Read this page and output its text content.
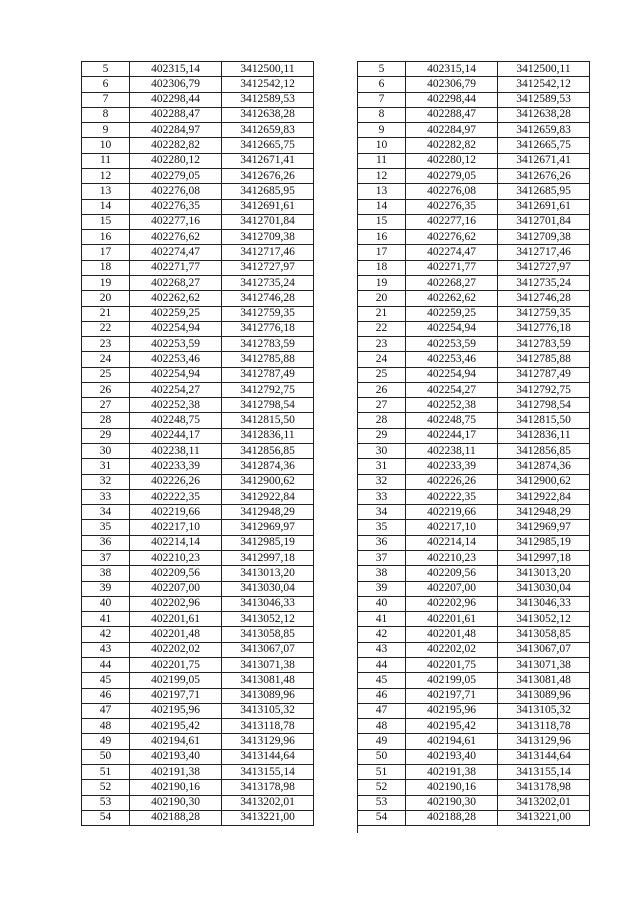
5	402315,14	3412500,11
6	402306,79	3412542,12
7	402298,44	3412589,53
8	402288,47	3412638,28
9	402284,97	3412659,83
10	402282,82	3412665,75
11	402280,12	3412671,41
12	402279,05	3412676,26
13	402276,08	3412685,95
14	402276,35	3412691,61
15	402277,16	3412701,84
16	402276,62	3412709,38
17	402274,47	3412717,46
18	402271,77	3412727,97
19	402268,27	3412735,24
20	402262,62	3412746,28
21	402259,25	3412759,35
22	402254,94	3412776,18
23	402253,59	3412783,59
24	402253,46	3412785,88
25	402254,94	3412787,49
26	402254,27	3412792,75
27	402252,38	3412798,54
28	402248,75	3412815,50
29	402244,17	3412836,11
30	402238,11	3412856,85
31	402233,39	3412874,36
32	402226,26	3412900,62
33	402222,35	3412922,84
34	402219,66	3412948,29
35	402217,10	3412969,97
36	402214,14	3412985,19
37	402210,23	3412997,18
38	402209,56	3413013,20
39	402207,00	3413030,04
40	402202,96	3413046,33
41	402201,61	3413052,12
42	402201,48	3413058,85
43	402202,02	3413067,07
44	402201,75	3413071,38
45	402199,05	3413081,48
46	402197,71	3413089,96
47	402195,96	3413105,32
48	402195,42	3413118,78
49	402194,61	3413129,96
50	402193,40	3413144,64
51	402191,38	3413155,14
52	402190,16	3413178,98
53	402190,30	3413202,01
54	402188,28	3413221,00
5	402315,14	3412500,11
6	402306,79	3412542,12
7	402298,44	3412589,53
8	402288,47	3412638,28
9	402284,97	3412659,83
10	402282,82	3412665,75
11	402280,12	3412671,41
12	402279,05	3412676,26
13	402276,08	3412685,95
14	402276,35	3412691,61
15	402277,16	3412701,84
16	402276,62	3412709,38
17	402274,47	3412717,46
18	402271,77	3412727,97
19	402268,27	3412735,24
20	402262,62	3412746,28
21	402259,25	3412759,35
22	402254,94	3412776,18
23	402253,59	3412783,59
24	402253,46	3412785,88
25	402254,94	3412787,49
26	402254,27	3412792,75
27	402252,38	3412798,54
28	402248,75	3412815,50
29	402244,17	3412836,11
30	402238,11	3412856,85
31	402233,39	3412874,36
32	402226,26	3412900,62
33	402222,35	3412922,84
34	402219,66	3412948,29
35	402217,10	3412969,97
36	402214,14	3412985,19
37	402210,23	3412997,18
38	402209,56	3413013,20
39	402207,00	3413030,04
40	402202,96	3413046,33
41	402201,61	3413052,12
42	402201,48	3413058,85
43	402202,02	3413067,07
44	402201,75	3413071,38
45	402199,05	3413081,48
46	402197,71	3413089,96
47	402195,96	3413105,32
48	402195,42	3413118,78
49	402194,61	3413129,96
50	402193,40	3413144,64
51	402191,38	3413155,14
52	402190,16	3413178,98
53	402190,30	3413202,01
54	402188,28	3413221,00
